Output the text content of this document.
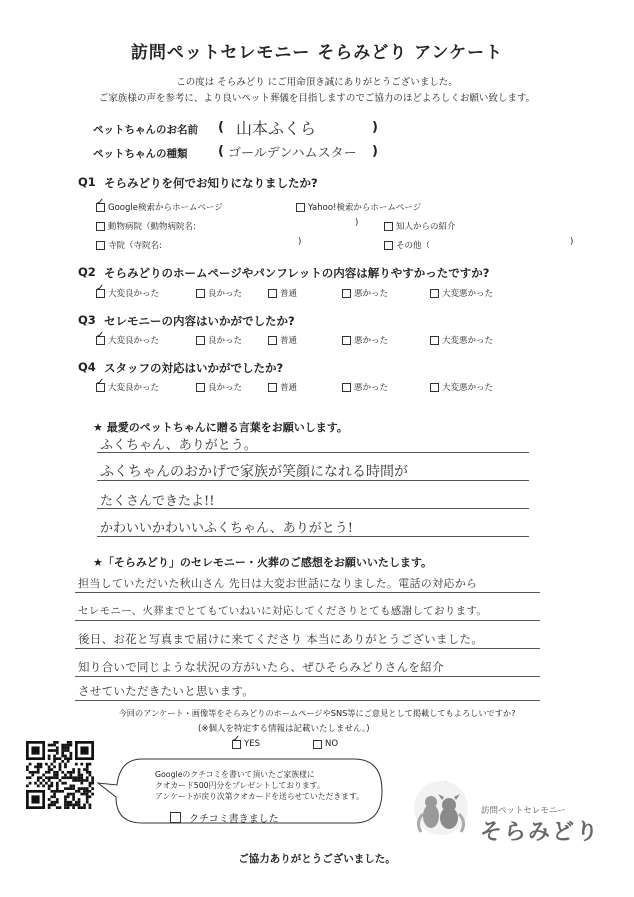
訪問ペットセレモニー そらみどり アンケート
この度は そらみどり にご用命頂き誠にありがとうございました。
ご家族様の声を参考に、より良いペット葬儀を目指しますのでご協力のほどよろしくお願い致します。
ペットちゃんのお名前 ( 山本ふくら	)
ペットちゃんの種類 ( ゴールデンハムスター )
Q1 そらみどりを何でお知りになりましたか?
✓
Google検索からホームページ	Yahoo!検索からホームページ
動物病院（動物病院名:	)	知人からの紹介
寺院（寺院名:	)	その他（	)
Q2 そらみどりのホームページやパンフレットの内容は解りやすかったですか?
✓
大変良かった	良かった	普通	悪かった	大変悪かった
Q3 セレモニーの内容はいかがでしたか?
✓
大変良かった	良かった	普通	悪かった	大変悪かった
Q4 スタッフの対応はいかがでしたか?
✓
大変良かった	良かった	普通	悪かった	大変悪かった
★ 最愛のペットちゃんに贈る言葉をお願いします。
ふくちゃん、ありがとう。
ふくちゃんのおかげで家族が笑顔になれる時間が
たくさんできたよ!!
かわいいかわいいふくちゃん、ありがとう!
★「そらみどり」のセレモニー・火葬のご感想をお願いいたします。
担当していただいた秋山さん 先日は大変お世話になりました。電話の対応から
セレモニー、火葬までとてもていねいに対応してくださりとても感謝しております。
後日、お花と写真まで届けに来てくださり 本当にありがとうございました。
知り合いで同じような状況の方がいたら、ぜひそらみどりさんを紹介
させていただきたいと思います。
今回のアンケート・画像等をそらみどりのホームページやSNS等にご意見として掲載してもよろしいですか?
(※個人を特定する情報は記載いたしません。)
✓
YES	NO
Googleのクチコミを書いて頂いたご家族様に
クオカード500円分をプレゼントしております。
アンケートが戻り次第クオカードを送らせていただきます。
クチコミ書きました
訪問ペットセレモニー
そらみどり
ご協力ありがとうございました。
